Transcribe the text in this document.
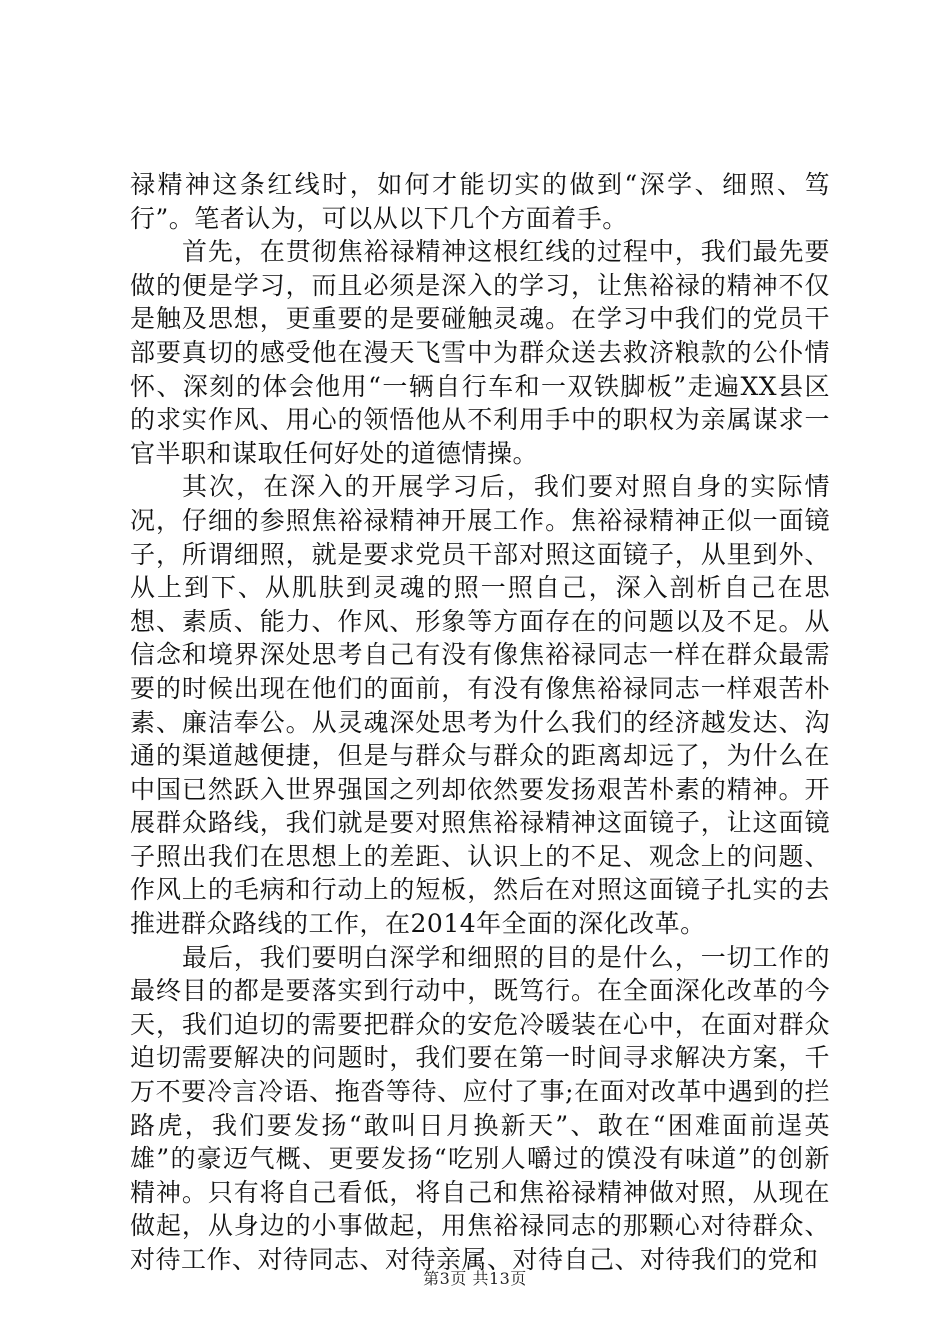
禄精神这条红线时，如何才能切实的做到“深学、细照、笃行”。笔者认为，可以从以下几个方面着手。

首先，在贯彻焦裕禄精神这根红线的过程中，我们最先要做的便是学习，而且必须是深入的学习，让焦裕禄的精神不仅是触及思想，更重要的是要碰触灵魂。在学习中我们的党员干部要真切的感受他在漫天飞雪中为群众送去救济粮款的公仆情怀、深刻的体会他用“一辆自行车和一双铁脚板”走遍XX县区的求实作风、用心的领悟他从不利用手中的职权为亲属谋求一官半职和谋取任何好处的道德情操。

其次，在深入的开展学习后，我们要对照自身的实际情况，仔细的参照焦裕禄精神开展工作。焦裕禄精神正似一面镜子，所谓细照，就是要求党员干部对照这面镜子，从里到外、从上到下、从肌肤到灵魂的照一照自己，深入剖析自己在思想、素质、能力、作风、形象等方面存在的问题以及不足。从信念和境界深处思考自己有没有像焦裕禄同志一样在群众最需要的时候出现在他们的面前，有没有像焦裕禄同志一样艰苦朴素、廉洁奉公。从灵魂深处思考为什么我们的经济越发达、沟通的渠道越便捷，但是与群众与群众的距离却远了，为什么在中国已然跃入世界强国之列却依然要发扬艰苦朴素的精神。开展群众路线，我们就是要对照焦裕禄精神这面镜子，让这面镜子照出我们在思想上的差距、认识上的不足、观念上的问题、作风上的毛病和行动上的短板，然后在对照这面镜子扎实的去推进群众路线的工作，在2014年全面的深化改革。

最后，我们要明白深学和细照的目的是什么，一切工作的最终目的都是要落实到行动中，既笃行。在全面深化改革的今天，我们迫切的需要把群众的安危冷暖装在心中，在面对群众迫切需要解决的问题时，我们要在第一时间寻求解决方案，千万不要冷言冷语、拖沓等待、应付了事;在面对改革中遇到的拦路虎，我们要发扬“敢叫日月换新天”、敢在“困难面前逞英雄”的豪迈气概、更要发扬“吃别人嚼过的馍没有味道”的创新精神。只有将自己看低，将自己和焦裕禄精神做对照，从现在做起，从身边的小事做起，用焦裕禄同志的那颗心对待群众、对待工作、对待同志、对待亲属、对待自己、对待我们的党和

第3页 共13页
